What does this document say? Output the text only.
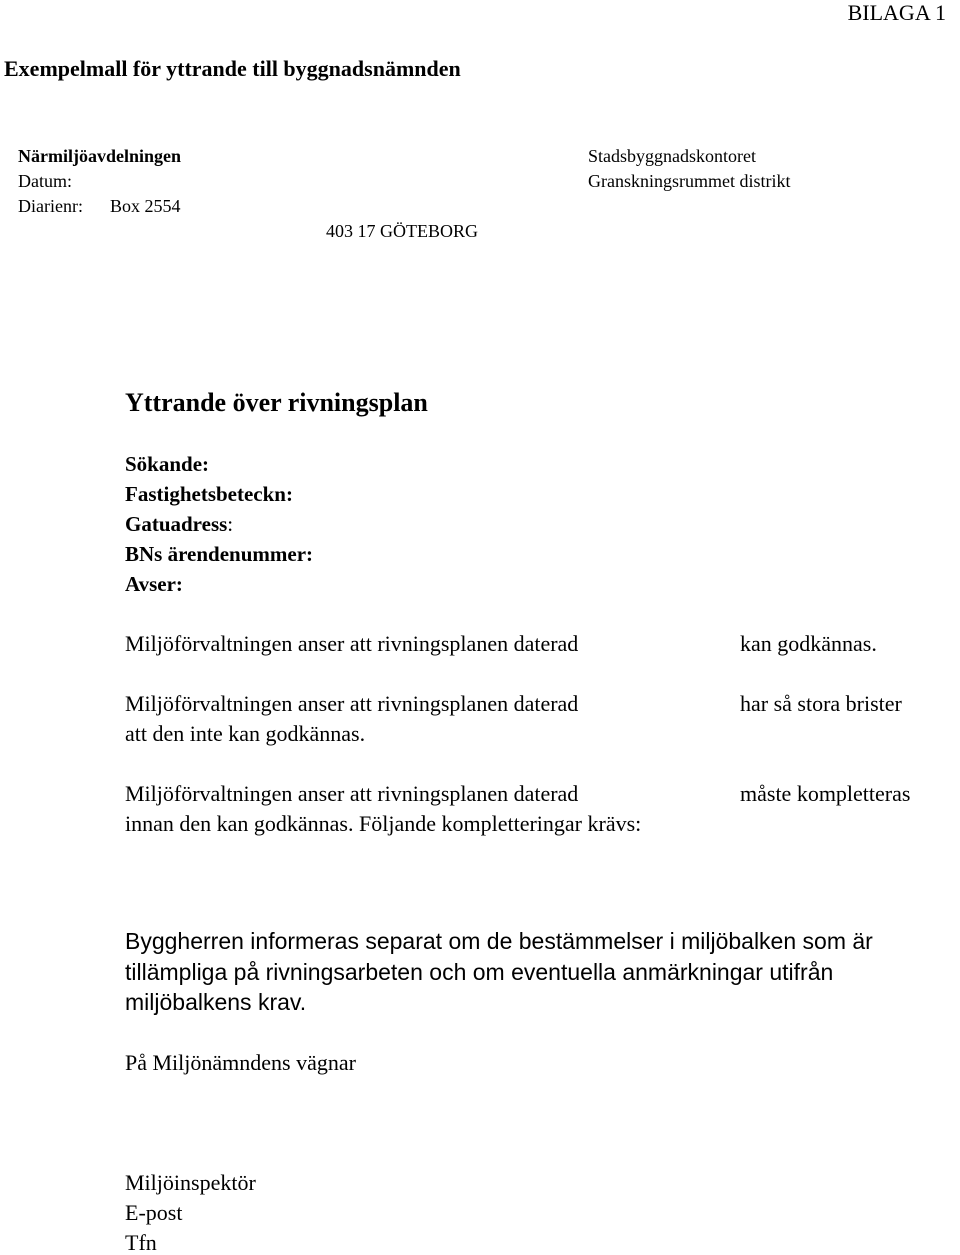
BILAGA 1
Exempelmall för yttrande till byggnadsnämnden
Närmiljöavdelningen
Datum:
Diarienr: Box 2554
403 17 GÖTEBORG
Stadsbyggnadskontoret
Granskningsrummet distrikt
Yttrande över rivningsplan
Sökande:
Fastighetsbeteckn:
Gatuadress:
BNs ärendenummer:
Avser:
Miljöförvaltningen anser att rivningsplanen daterad	kan godkännas.
Miljöförvaltningen anser att rivningsplanen daterad	har så stora brister
att den inte kan godkännas.
Miljöförvaltningen anser att rivningsplanen daterad	måste kompletteras
innan den kan godkännas. Följande kompletteringar krävs:
Byggherren informeras separat om de bestämmelser i miljöbalken som är tillämpliga på rivningsarbeten och om eventuella anmärkningar utifrån miljöbalkens krav.
På Miljönämndens vägnar
Miljöinspektör
E-post
Tfn
